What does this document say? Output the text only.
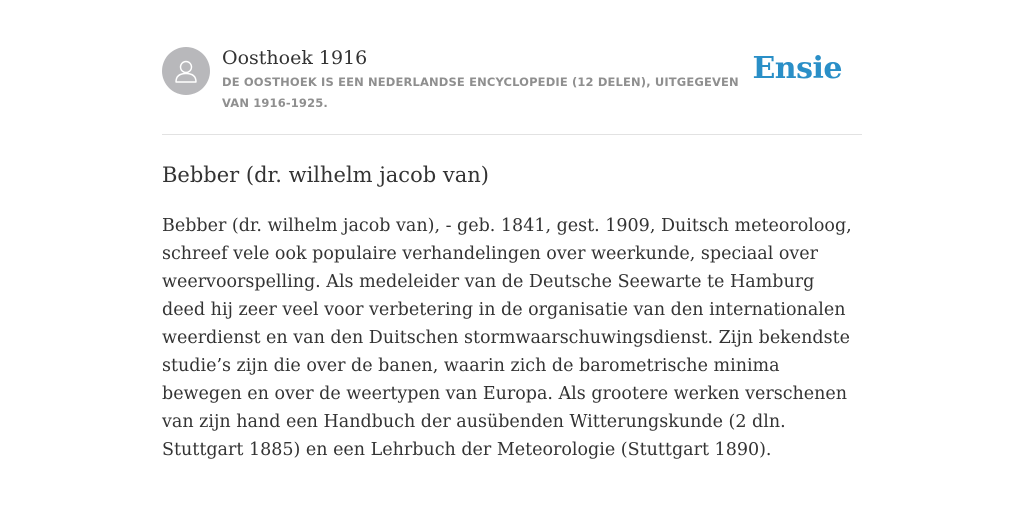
Oosthoek 1916
DE OOSTHOEK IS EEN NEDERLANDSE ENCYCLOPEDIE (12 DELEN), UITGEGEVEN VAN 1916-1925.
Ensie
Bebber (dr. wilhelm jacob van)

Bebber (dr. wilhelm jacob van), - geb. 1841, gest. 1909, Duitsch meteoroloog, schreef vele ook populaire verhandelingen over weerkunde, speciaal over weervoorspelling. Als medeleider van de Deutsche Seewarte te Hamburg deed hij zeer veel voor verbetering in de organisatie van den internationalen weerdienst en van den Duitschen stormwaarschuwingsdienst. Zijn bekendste studie’s zijn die over de banen, waarin zich de barometrische minima bewegen en over de weertypen van Europa. Als grootere werken verschenen van zijn hand een Handbuch der ausübenden Witterungskunde (2 dln. Stuttgart 1885) en een Lehrbuch der Meteorologie (Stuttgart 1890).
